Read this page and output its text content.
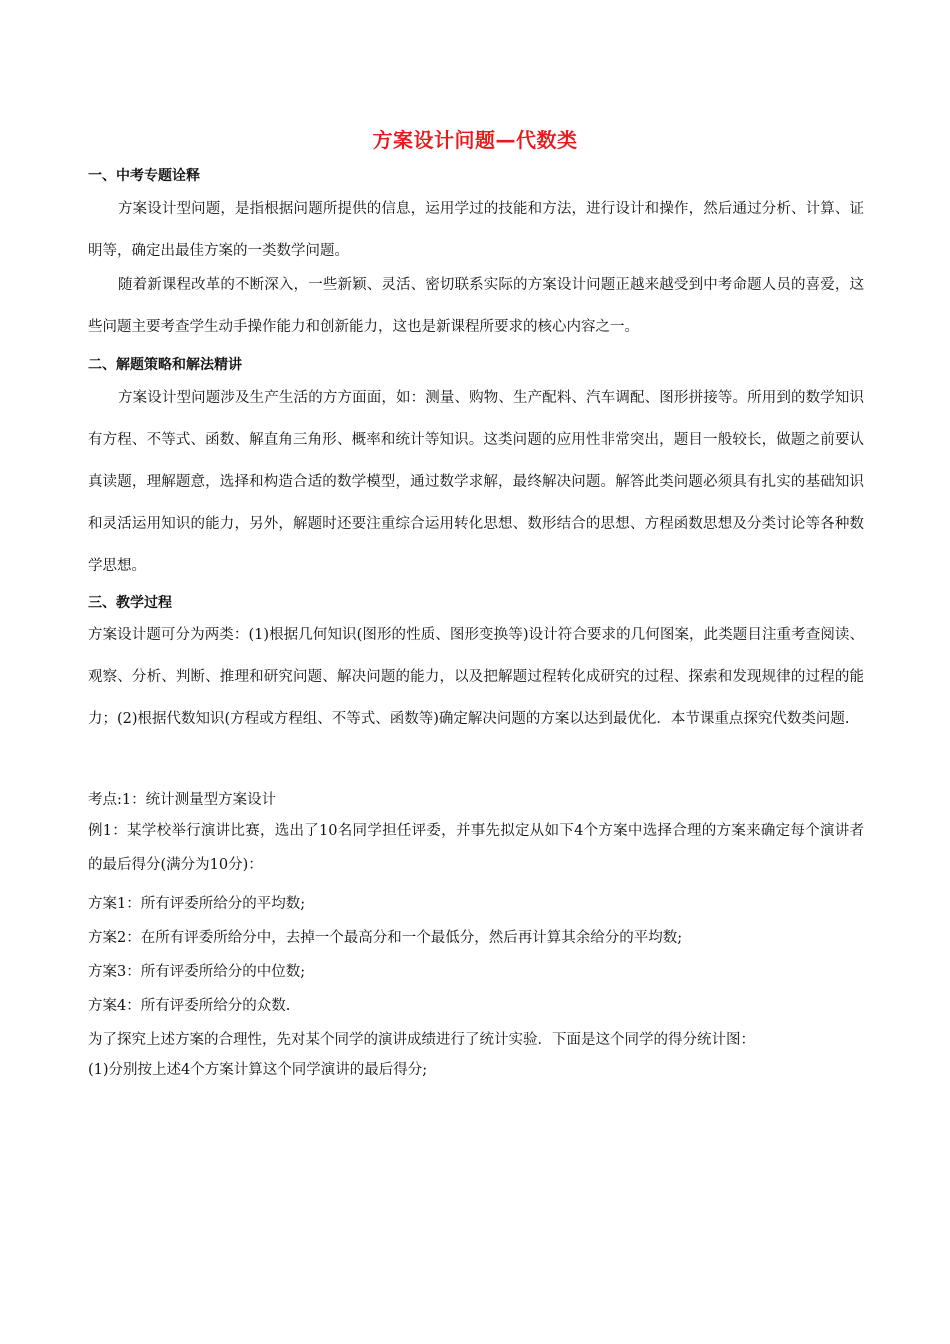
方案设计问题—代数类
一、中考专题诠释
方案设计型问题，是指根据问题所提供的信息，运用学过的技能和方法，进行设计和操作，然后通过分析、计算、证明等，确定出最佳方案的一类数学问题。
随着新课程改革的不断深入，一些新颖、灵活、密切联系实际的方案设计问题正越来越受到中考命题人员的喜爱，这些问题主要考查学生动手操作能力和创新能力，这也是新课程所要求的核心内容之一。
二、解题策略和解法精讲
方案设计型问题涉及生产生活的方方面面，如：测量、购物、生产配料、汽车调配、图形拼接等。所用到的数学知识有方程、不等式、函数、解直角三角形、概率和统计等知识。这类问题的应用性非常突出，题目一般较长，做题之前要认真读题，理解题意，选择和构造合适的数学模型，通过数学求解，最终解决问题。解答此类问题必须具有扎实的基础知识和灵活运用知识的能力，另外，解题时还要注重综合运用转化思想、数形结合的思想、方程函数思想及分类讨论等各种数学思想。
三、教学过程
方案设计题可分为两类：(1)根据几何知识(图形的性质、图形变换等)设计符合要求的几何图案，此类题目注重考查阅读、观察、分析、判断、推理和研究问题、解决问题的能力，以及把解题过程转化成研究的过程、探索和发现规律的过程的能力；(2)根据代数知识(方程或方程组、不等式、函数等)确定解决问题的方案以达到最优化．本节课重点探究代数类问题.
考点:1：统计测量型方案设计
例1：某学校举行演讲比赛，选出了10名同学担任评委，并事先拟定从如下4个方案中选择合理的方案来确定每个演讲者的最后得分(满分为10分)：
方案1：所有评委所给分的平均数;
方案2：在所有评委所给分中，去掉一个最高分和一个最低分，然后再计算其余给分的平均数;
方案3：所有评委所给分的中位数;
方案4：所有评委所给分的众数.
为了探究上述方案的合理性，先对某个同学的演讲成绩进行了统计实验．下面是这个同学的得分统计图：
(1)分别按上述4个方案计算这个同学演讲的最后得分;
